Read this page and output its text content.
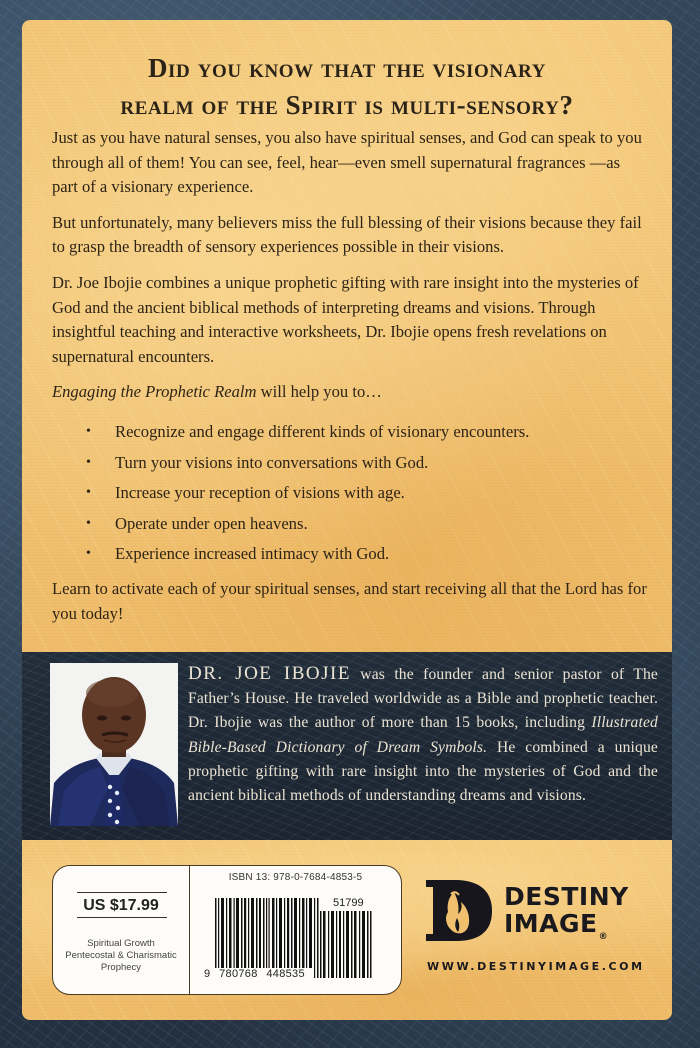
Did you know that the visionary
realm of the Spirit is multi-sensory?

Just as you have natural senses, you also have spiritual senses, and God can speak to you through all of them! You can see, feel, hear—even smell supernatural fragrances —as part of a visionary experience.

But unfortunately, many believers miss the full blessing of their visions because they fail to grasp the breadth of sensory experiences possible in their visions.

Dr. Joe Ibojie combines a unique prophetic gifting with rare insight into the mysteries of God and the ancient biblical methods of interpreting dreams and visions. Through insightful teaching and interactive worksheets, Dr. Ibojie opens fresh revelations on supernatural encounters.

Engaging the Prophetic Realm will help you to…

• Recognize and engage different kinds of visionary encounters.
• Turn your visions into conversations with God.
• Increase your reception of visions with age.
• Operate under open heavens.
• Experience increased intimacy with God.

Learn to activate each of your spiritual senses, and start receiving all that the Lord has for you today!

DR. JOE IBOJIE was the founder and senior pastor of The Father’s House. He traveled worldwide as a Bible and prophetic teacher. Dr. Ibojie was the author of more than 15 books, including Illustrated Bible-Based Dictionary of Dream Symbols. He combined a unique prophetic gifting with rare insight into the mysteries of God and the ancient biblical methods of understanding dreams and visions.
US $17.99
Spiritual Growth
Pentecostal & Charismatic
Prophecy
ISBN 13: 978-0-7684-4853-5
51799
9 780768 448535
DESTINY
IMAGE®
WWW.DESTINYIMAGE.COM
